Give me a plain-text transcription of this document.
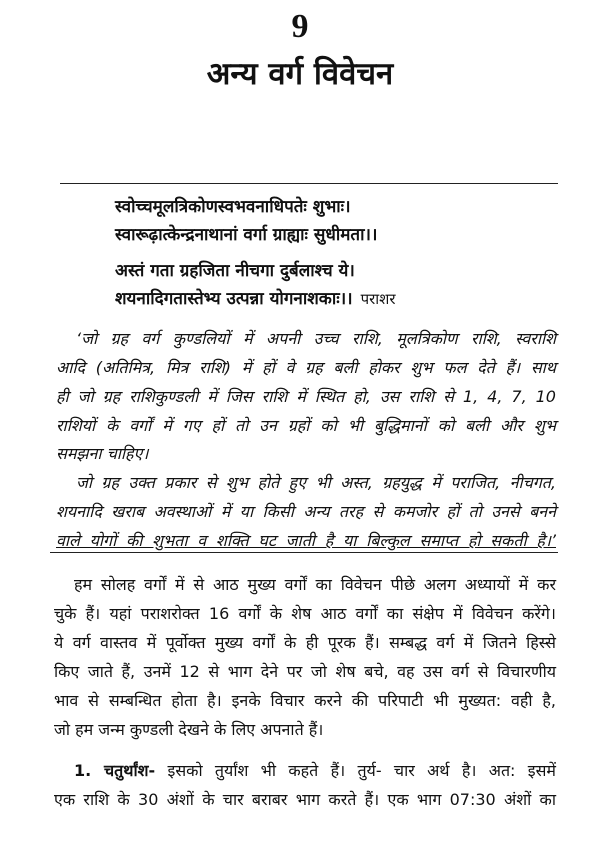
9
अन्य वर्ग विवेचन
स्वोच्चमूलत्रिकोणस्वभवनाधिपतेः शुभाः।
स्वारूढ़ात्केन्द्रनाथानां वर्गा ग्राह्याः सुधीमता।।
अस्तं गता ग्रहजिता नीचगा दुर्बलाश्च ये।
शयनादिगतास्तेभ्य उत्पन्ना योगनाशकाः।। पराशर
‘जो ग्रह वर्ग कुण्डलियों में अपनी उच्च राशि, मूलत्रिकोण राशि, स्वराशि
आदि (अतिमित्र, मित्र राशि) में हों वे ग्रह बली होकर शुभ फल देते हैं। साथ
ही जो ग्रह राशिकुण्डली में जिस राशि में स्थित हो, उस राशि से 1, 4, 7, 10
राशियों के वर्गों में गए हों तो उन ग्रहों को भी बुद्धिमानों को बली और शुभ
समझना चाहिए।
जो ग्रह उक्त प्रकार से शुभ होते हुए भी अस्त, ग्रहयुद्ध में पराजित, नीचगत,
शयनादि खराब अवस्थाओं में या किसी अन्य तरह से कमजोर हों तो उनसे बनने
वाले योगों की शुभता व शक्ति घट जाती है या बिल्कुल समाप्त हो सकती है।’
हम सोलह वर्गों में से आठ मुख्य वर्गों का विवेचन पीछे अलग अध्यायों में कर
चुके हैं। यहां पराशरोक्त 16 वर्गों के शेष आठ वर्गों का संक्षेप में विवेचन करेंगे।
ये वर्ग वास्तव में पूर्वोक्त मुख्य वर्गों के ही पूरक हैं। सम्बद्ध वर्ग में जितने हिस्से
किए जाते हैं, उनमें 12 से भाग देने पर जो शेष बचे, वह उस वर्ग से विचारणीय
भाव से सम्बन्धित होता है। इनके विचार करने की परिपाटी भी मुख्यत: वही है,
जो हम जन्म कुण्डली देखने के लिए अपनाते हैं।
1. चतुर्थांश- इसको तुर्यांश भी कहते हैं। तुर्य- चार अर्थ है। अत: इसमें
एक राशि के 30 अंशों के चार बराबर भाग करते हैं। एक भाग 07:30 अंशों का
